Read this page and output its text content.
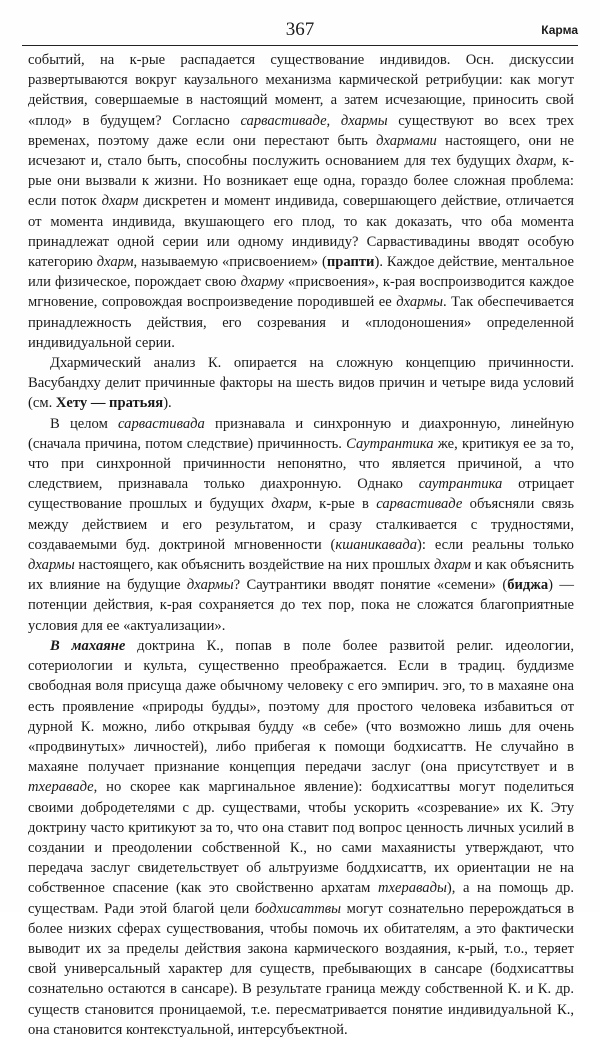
367	Карма

событий, на к-рые распадается существование индивидов. Осн. дискуссии развертываются вокруг каузального механизма кармической ретрибуции: как могут действия, совершаемые в настоящий момент, а затем исчезающие, приносить свой «плод» в будущем? Согласно сарвастиваде, дхармы существуют во всех трех временах, поэтому даже если они перестают быть дхармами настоящего, они не исчезают и, стало быть, способны послужить основанием для тех будущих дхарм, к-рые они вызвали к жизни. Но возникает еще одна, гораздо более сложная проблема: если поток дхарм дискретен и момент индивида, совершающего действие, отличается от момента индивида, вкушающего его плод, то как доказать, что оба момента принадлежат одной серии или одному индивиду? Сарвастивадины вводят особую категорию дхарм, называемую «присвоением» (прапти). Каждое действие, ментальное или физическое, порождает свою дхарму «присвоения», к-рая воспроизводится каждое мгновение, сопровождая воспроизведение породившей ее дхармы. Так обеспечивается принадлежность действия, его созревания и «плодоношения» определенной индивидуальной серии.

Дхармический анализ К. опирается на сложную концепцию причинности. Васубандху делит причинные факторы на шесть видов причин и четыре вида условий (см. Хету — пратьяя).

В целом сарвастивада признавала и синхронную и диахронную, линейную (сначала причина, потом следствие) причинность. Саутрантика же, критикуя ее за то, что при синхронной причинности непонятно, что является причиной, а что следствием, признавала только диахронную. Однако саутрантика отрицает существование прошлых и будущих дхарм, к-рые в сарвастиваде объясняли связь между действием и его результатом, и сразу сталкивается с трудностями, создаваемыми буд. доктриной мгновенности (кшаникавада): если реальны только дхармы настоящего, как объяснить воздействие на них прошлых дхарм и как объяснить их влияние на будущие дхармы? Саутрантики вводят понятие «семени» (биджа) — потенции действия, к-рая сохраняется до тех пор, пока не сложатся благоприятные условия для ее «актуализации».

В махаяне доктрина К., попав в поле более развитой религ. идеологии, сотериологии и культа, существенно преображается. Если в традиц. буддизме свободная воля присуща даже обычному человеку с его эмпирич. эго, то в махаяне она есть проявление «природы будды», поэтому для простого человека избавиться от дурной К. можно, либо открывая будду «в себе» (что возможно лишь для очень «продвинутых» личностей), либо прибегая к помощи бодхисаттв. Не случайно в махаяне получает признание концепция передачи заслуг (она присутствует и в тхераваде, но скорее как маргинальное явление): бодхисаттвы могут поделиться своими добродетелями с др. существами, чтобы ускорить «созревание» их К. Эту доктрину часто критикуют за то, что она ставит под вопрос ценность личных усилий в создании и преодолении собственной К., но сами махаянисты утверждают, что передача заслуг свидетельствует об альтруизме боддхисаттв, их ориентации не на собственное спасение (как это свойственно архатам тхеравады), а на помощь др. существам. Ради этой благой цели бодхисаттвы могут сознательно перерождаться в более низких сферах существования, чтобы помочь их обитателям, а это фактически выводит их за пределы действия закона кармического воздаяния, к-рый, т.о., теряет свой универсальный характер для существ, пребывающих в сансаре (бодхисаттвы сознательно остаются в сансаре). В результате граница между собственной К. и К. др. существ становится проницаемой, т.е. пересматривается понятие индивидуальной К., она становится контекстуальной, интерсубъектной.
